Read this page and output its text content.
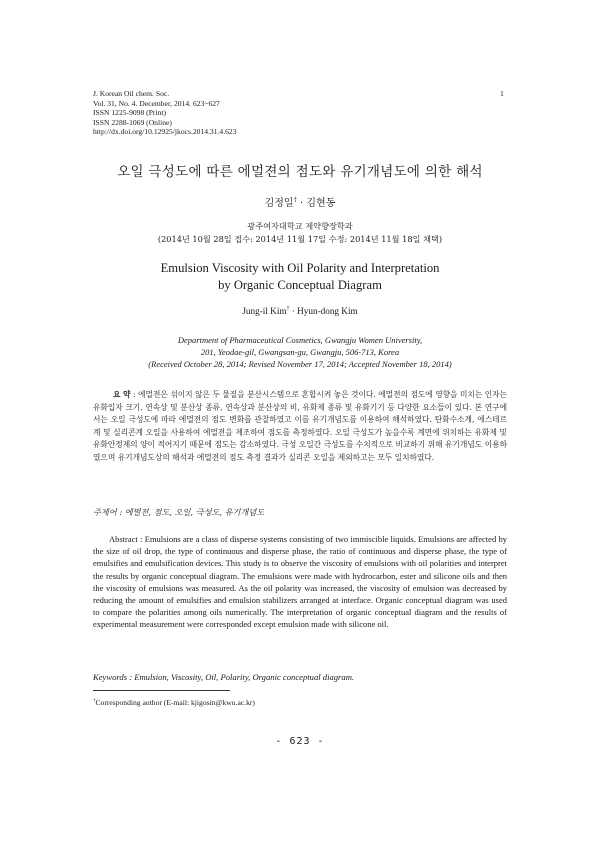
J. Korean Oil chem. Soc.
Vol. 31, No. 4. December, 2014. 623~627
ISSN 1225-9098 (Print)
ISSN 2288-1069 (Online)
http://dx.doi.org/10.12925/jkocs.2014.31.4.623
1
오일 극성도에 따른 에멀젼의 점도와 유기개념도에 의한 해석
김정일† · 김현동
광주여자대학교 제약향장학과
(2014년 10월 28일 접수: 2014년 11월 17일 수정: 2014년 11월 18일 채택)
Emulsion Viscosity with Oil Polarity and Interpretation
by Organic Conceptual Diagram
Jung-il Kim† · Hyun-dong Kim
Department of Pharmaceutical Cosmetics, Gwangju Women University,
201, Yeodae-gil, Gwangsan-gu, Gwangju, 506-713, Korea
(Received October 28, 2014; Revised November 17, 2014; Accepted November 18, 2014)
요 약 : 에멀젼은 섞이지 않은 두 물질을 분산시스템으로 혼합시켜 놓은 것이다. 에멀젼의 점도에 영향을 미치는 인자는 유화입자 크기, 연속상 및 분산상 종류, 연속상과 분산상의 비, 유화제 종류 및 유화기기 등 다양한 요소들이 있다. 본 연구에서는 오일 극성도에 따라 에멀젼의 점도 변화를 관찰하였고 이를 유기개념도를 이용하여 해석하였다. 탄화수소계, 에스테르계 및 실리콘계 오일을 사용하여 에멀젼을 제조하여 점도를 측정하였다. 오일 극성도가 높을수록 계면에 위치하는 유화제 및 유화안정제의 양이 적어지기 때문에 점도는 감소하였다. 극성 오일간 극성도를 수치적으로 비교하기 위해 유기개념도 이용하였으며 유기개념도상의 해석과 에멀젼의 점도 측정 결과가 실리콘 오일을 제외하고는 모두 일치하였다.
주제어 : 에멀젼, 점도, 오일, 극성도, 유기개념도
Abstract : Emulsions are a class of disperse systems consisting of two immiscible liquids. Emulsions are affected by the size of oil drop, the type of continuous and disperse phase, the ratio of continuous and disperse phase, the type of emulsifies and emulsification devices. This study is to observe the viscosity of emulsions with oil polarities and interpret the results by organic conceptual diagram. The emulsions were made with hydrocarbon, ester and silicone oils and then the viscosity of emulsions was measured. As the oil polarity was increased, the viscosity of emulsion was decreased by reducing the amount of emulsifies and emulsion stabilizers arranged at interface. Organic conceptual diagram was used to compare the polarities among oils numerically. The interpretation of organic conceptual diagram and the results of experimental measurement were corresponded except emulsion made with silicone oil.
Keywords : Emulsion, Viscosity, Oil, Polarity, Organic conceptual diagram.
†Corresponding author (E-mail: kjigosin@kwu.ac.kr)
- 623 -
